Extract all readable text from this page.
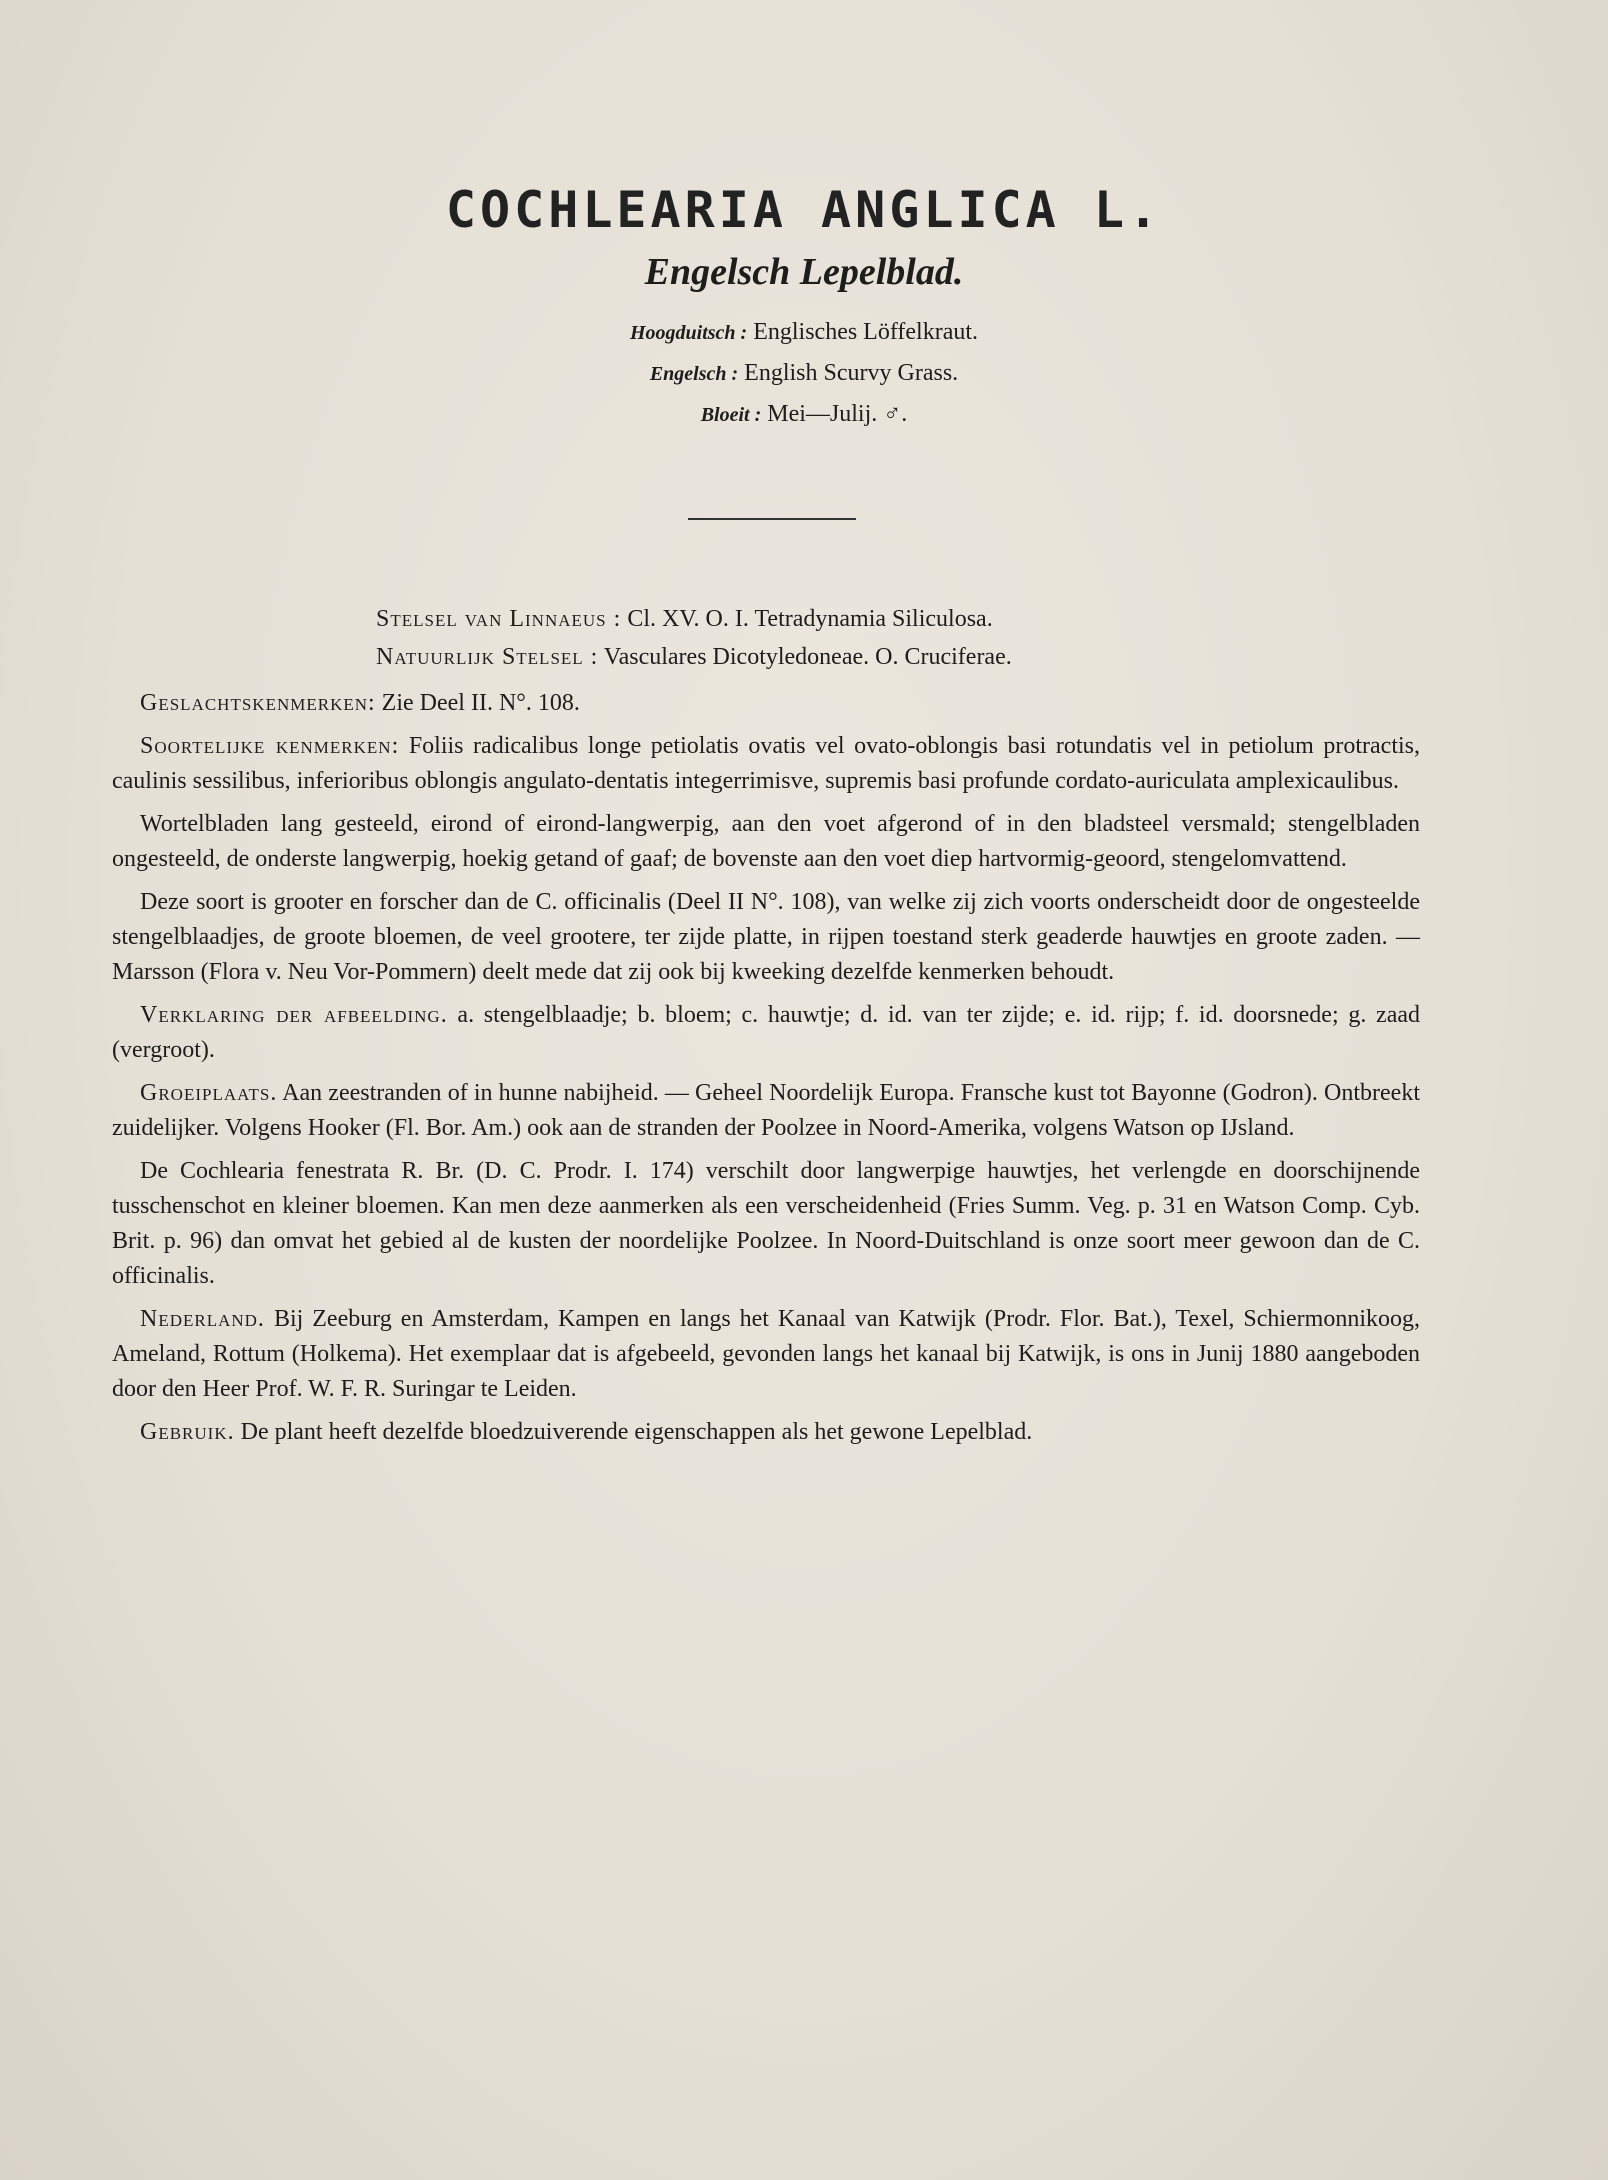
COCHLEARIA ANGLICA L.
Engelsch Lepelblad.
Hoogduitsch : Englisches Löffelkraut.
Engelsch : English Scurvy Grass.
Bloeit : Mei—Julij. ♂.
Stelsel van Linnaeus : Cl. XV. O. I. Tetradynamia Siliculosa.
Natuurlijk Stelsel : Vasculares Dicotyledoneae. O. Cruciferae.

Geslachtskenmerken: Zie Deel II. N°. 108.

Soortelijke kenmerken: Foliis radicalibus longe petiolatis ovatis vel ovato-oblongis basi rotundatis vel in petiolum protractis, caulinis sessilibus, inferioribus oblongis angulato-dentatis integerrimisve, supremis basi profunde cordato-auriculata amplexicaulibus.

Wortelbladen lang gesteeld, eirond of eirond-langwerpig, aan den voet afgerond of in den bladsteel versmald; stengelbladen ongesteeld, de onderste langwerpig, hoekig getand of gaaf; de bovenste aan den voet diep hartvormig-geoord, stengelomvattend.

Deze soort is grooter en forscher dan de C. officinalis (Deel II N°. 108), van welke zij zich voorts onderscheidt door de ongesteelde stengelblaadjes, de groote bloemen, de veel grootere, ter zijde platte, in rijpen toestand sterk geaderde hauwtjes en groote zaden. — Marsson (Flora v. Neu Vor-Pommern) deelt mede dat zij ook bij kweeking dezelfde kenmerken behoudt.

Verklaring der afbeelding. a. stengelblaadje; b. bloem; c. hauwtje; d. id. van ter zijde; e. id. rijp; f. id. doorsnede; g. zaad (vergroot).

Groeiplaats. Aan zeestranden of in hunne nabijheid. — Geheel Noordelijk Europa. Fransche kust tot Bayonne (Godron). Ontbreekt zuidelijker. Volgens Hooker (Fl. Bor. Am.) ook aan de stranden der Poolzee in Noord-Amerika, volgens Watson op IJsland.

De Cochlearia fenestrata R. Br. (D. C. Prodr. I. 174) verschilt door langwerpige hauwtjes, het verlengde en doorschijnende tusschenschot en kleiner bloemen. Kan men deze aanmerken als een verscheidenheid (Fries Summ. Veg. p. 31 en Watson Comp. Cyb. Brit. p. 96) dan omvat het gebied al de kusten der noordelijke Poolzee. In Noord-Duitschland is onze soort meer gewoon dan de C. officinalis.

Nederland. Bij Zeeburg en Amsterdam, Kampen en langs het Kanaal van Katwijk (Prodr. Flor. Bat.), Texel, Schiermonnikoog, Ameland, Rottum (Holkema). Het exemplaar dat is afgebeeld, gevonden langs het kanaal bij Katwijk, is ons in Junij 1880 aangeboden door den Heer Prof. W. F. R. Suringar te Leiden.

Gebruik. De plant heeft dezelfde bloedzuiverende eigenschappen als het gewone Lepelblad.
